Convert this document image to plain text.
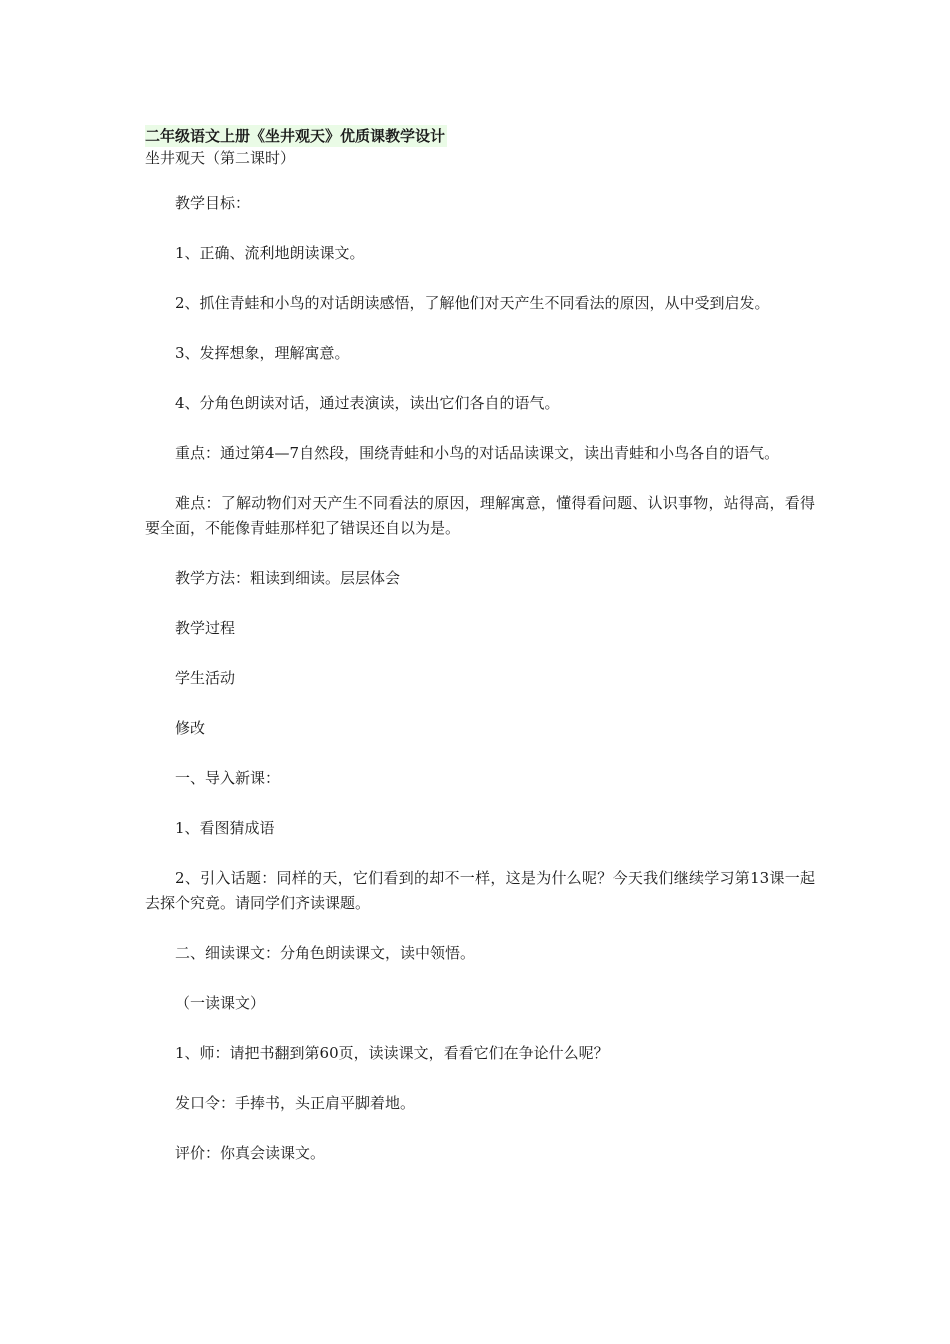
二年级语文上册《坐井观天》优质课教学设计

坐井观天（第二课时）

教学目标：

1、正确、流利地朗读课文。

2、抓住青蛙和小鸟的对话朗读感悟，了解他们对天产生不同看法的原因，从中受到启发。

3、发挥想象，理解寓意。

4、分角色朗读对话，通过表演读，读出它们各自的语气。

重点：通过第4—7自然段，围绕青蛙和小鸟的对话品读课文，读出青蛙和小鸟各自的语气。

难点：了解动物们对天产生不同看法的原因，理解寓意，懂得看问题、认识事物，站得高，看得要全面，不能像青蛙那样犯了错误还自以为是。

教学方法：粗读到细读。层层体会

教学过程

学生活动

修改

一、导入新课：

1、看图猜成语

2、引入话题：同样的天，它们看到的却不一样，这是为什么呢？今天我们继续学习第13课一起去探个究竟。请同学们齐读课题。

二、细读课文：分角色朗读课文，读中领悟。

（一读课文）

1、师：请把书翻到第60页，读读课文，看看它们在争论什么呢？

发口令：手捧书，头正肩平脚着地。

评价：你真会读课文。
